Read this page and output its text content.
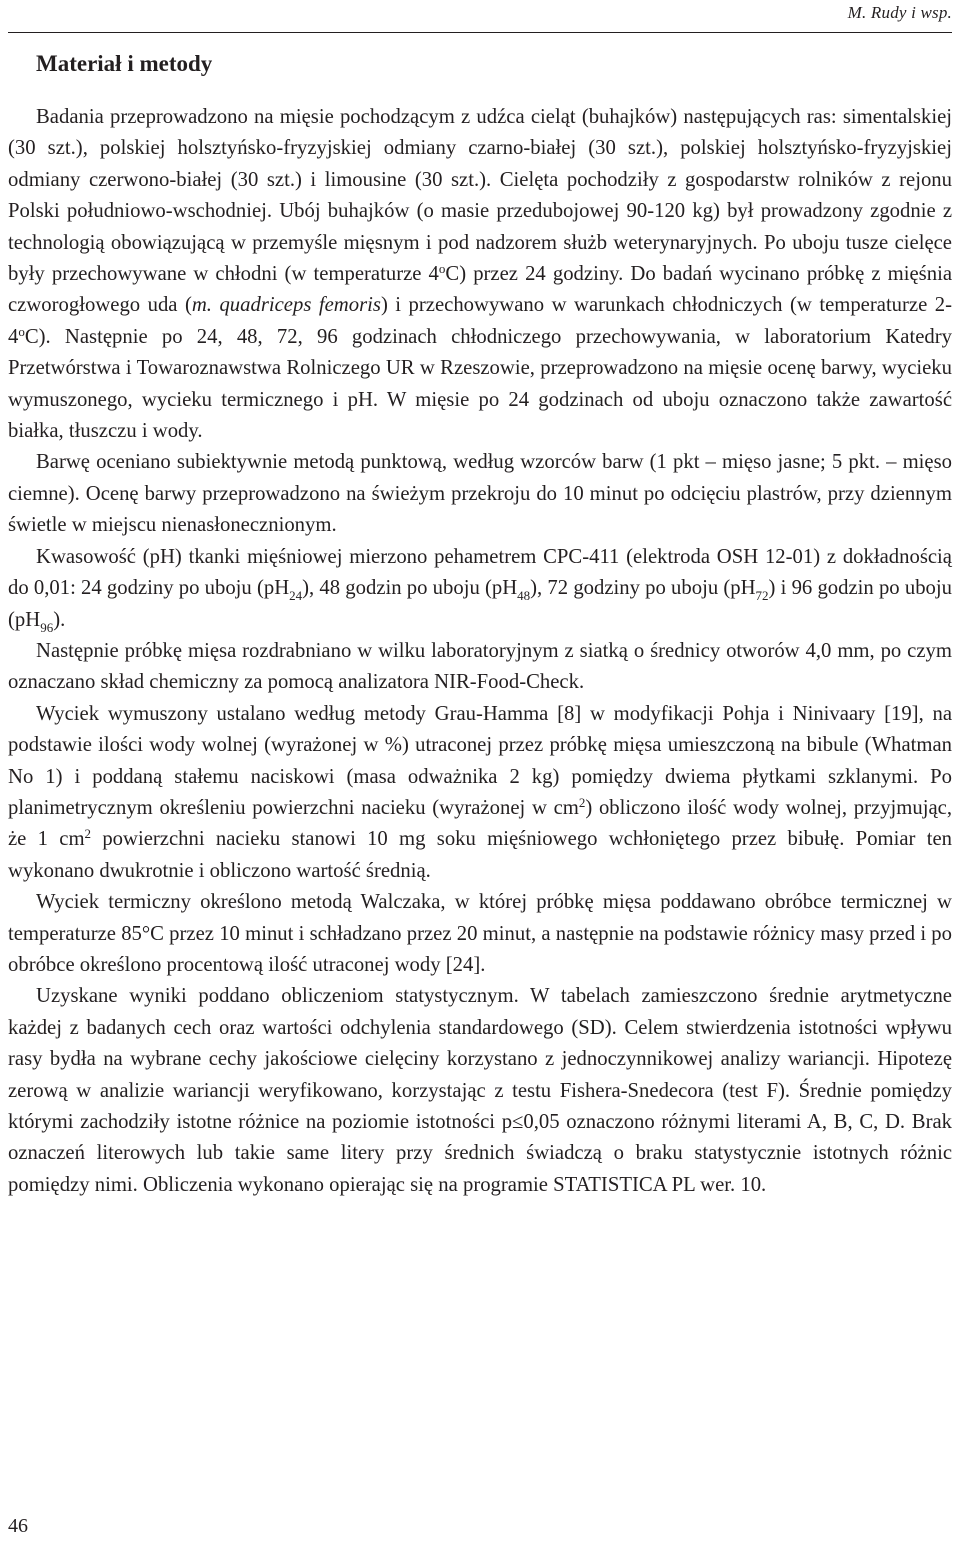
M. Rudy i wsp.
Materiał i metody

Badania przeprowadzono na mięsie pochodzącym z udźca cieląt (buhajków) następujących ras: simentalskiej (30 szt.), polskiej holsztyńsko-fryzyjskiej odmiany czarno-białej (30 szt.), polskiej holsztyńsko-fryzyjskiej odmiany czerwono-białej (30 szt.) i limousine (30 szt.). Cielęta pochodziły z gospodarstw rolników z rejonu Polski południowo-wschodniej. Ubój buhajków (o masie przedubojowej 90-120 kg) był prowadzony zgodnie z technologią obowiązującą w przemyśle mięsnym i pod nadzorem służb weterynaryjnych. Po uboju tusze cielęce były przechowywane w chłodni (w temperaturze 4$^o$C) przez 24 godziny. Do badań wycinano próbkę z mięśnia czworogłowego uda (m. quadriceps femoris) i przechowywano w warunkach chłodniczych (w temperaturze 2-4$^o$C). Następnie po 24, 48, 72, 96 godzinach chłodniczego przechowywania, w laboratorium Katedry Przetwórstwa i Towaroznawstwa Rolniczego UR w Rzeszowie, przeprowadzono na mięsie ocenę barwy, wycieku wymuszonego, wycieku termicznego i pH. W mięsie po 24 godzinach od uboju oznaczono także zawartość białka, tłuszczu i wody.

Barwę oceniano subiektywnie metodą punktową, według wzorców barw (1 pkt – mięso jasne; 5 pkt. – mięso ciemne). Ocenę barwy przeprowadzono na świeżym przekroju do 10 minut po odcięciu plastrów, przy dziennym świetle w miejscu nienasłonecznionym.

Kwasowość (pH) tkanki mięśniowej mierzono pehametrem CPC-411 (elektroda OSH 12-01) z dokładnością do 0,01: 24 godziny po uboju $(pH_{24})$, 48 godzin po uboju $(pH_{48})$, 72 godziny po uboju $(pH_{72})$ i 96 godzin po uboju $(pH_{96})$.

Następnie próbkę mięsa rozdrabniano w wilku laboratoryjnym z siatką o średnicy otworów 4,0 mm, po czym oznaczano skład chemiczny za pomocą analizatora NIR-Food-Check.

Wyciek wymuszony ustalano według metody Grau-Hamma [8] w modyfikacji Pohja i Ninivaary [19], na podstawie ilości wody wolnej (wyrażonej w %) utraconej przez próbkę mięsa umieszczoną na bibule (Whatman No 1) i poddaną stałemu naciskowi (masa odważnika 2 kg) pomiędzy dwiema płytkami szklanymi. Po planimetrycznym określeniu powierzchni nacieku (wyrażonej w $cm^2$) obliczono ilość wody wolnej, przyjmując, że 1 $cm^2$ powierzchni nacieku stanowi 10 mg soku mięśniowego wchłoniętego przez bibułę. Pomiar ten wykonano dwukrotnie i obliczono wartość średnią.

Wyciek termiczny określono metodą Walczaka, w której próbkę mięsa poddawano obróbce termicznej w temperaturze 85°C przez 10 minut i schładzano przez 20 minut, a następnie na podstawie różnicy masy przed i po obróbce określono procentową ilość utraconej wody [24].

Uzyskane wyniki poddano obliczeniom statystycznym. W tabelach zamieszczono średnie arytmetyczne każdej z badanych cech oraz wartości odchylenia standardowego (SD). Celem stwierdzenia istotności wpływu rasy bydła na wybrane cechy jakościowe cielęciny korzystano z jednoczynnikowej analizy wariancji. Hipotezę zerową w analizie wariancji weryfikowano, korzystając z testu Fishera-Snedecora (test F). Średnie pomiędzy którymi zachodziły istotne różnice na poziomie istotności p≤0,05 oznaczono różnymi literami A, B, C, D. Brak oznaczeń literowych lub takie same litery przy średnich świadczą o braku statystycznie istotnych różnic pomiędzy nimi. Obliczenia wykonano opierając się na programie STATISTICA PL wer. 10.

46
